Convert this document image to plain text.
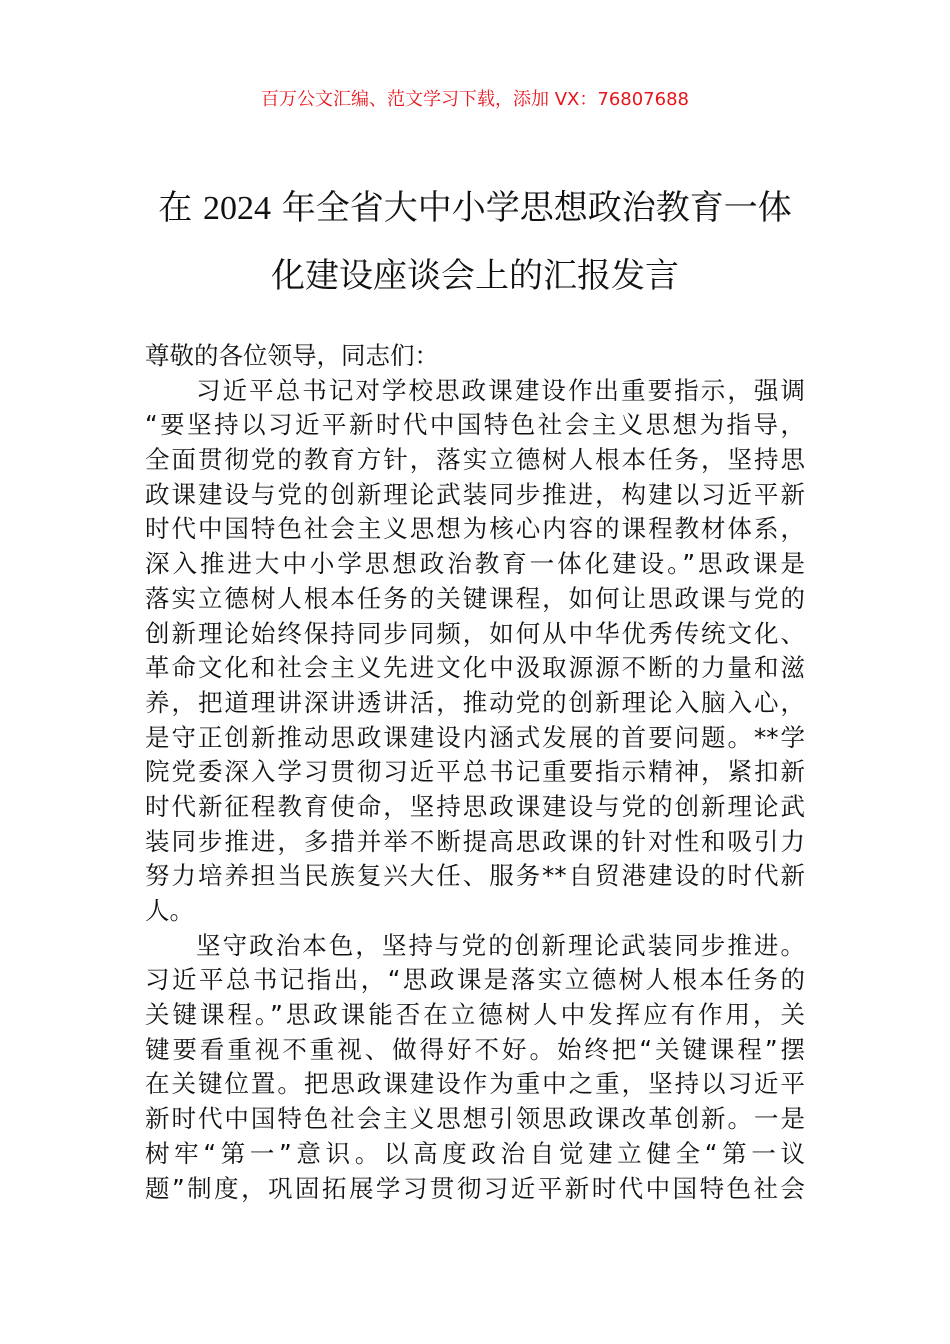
百万公文汇编、范文学习下载，添加 VX：76807688
在 2024 年全省大中小学思想政治教育一体
化建设座谈会上的汇报发言
尊敬的各位领导，同志们：
习近平总书记对学校思政课建设作出重要指示，强调
“要坚持以习近平新时代中国特色社会主义思想为指导，
全面贯彻党的教育方针，落实立德树人根本任务，坚持思
政课建设与党的创新理论武装同步推进，构建以习近平新
时代中国特色社会主义思想为核心内容的课程教材体系，
深入推进大中小学思想政治教育一体化建设。”思政课是
落实立德树人根本任务的关键课程，如何让思政课与党的
创新理论始终保持同步同频，如何从中华优秀传统文化、
革命文化和社会主义先进文化中汲取源源不断的力量和滋
养，把道理讲深讲透讲活，推动党的创新理论入脑入心，
是守正创新推动思政课建设内涵式发展的首要问题。**学
院党委深入学习贯彻习近平总书记重要指示精神，紧扣新
时代新征程教育使命，坚持思政课建设与党的创新理论武
装同步推进，多措并举不断提高思政课的针对性和吸引力
努力培养担当民族复兴大任、服务**自贸港建设的时代新
人。
坚守政治本色，坚持与党的创新理论武装同步推进。
习近平总书记指出，“思政课是落实立德树人根本任务的
关键课程。”思政课能否在立德树人中发挥应有作用，关
键要看重视不重视、做得好不好。始终把“关键课程”摆
在关键位置。把思政课建设作为重中之重，坚持以习近平
新时代中国特色社会主义思想引领思政课改革创新。一是
树牢“第一”意识。以高度政治自觉建立健全“第一议
题”制度，巩固拓展学习贯彻习近平新时代中国特色社会
